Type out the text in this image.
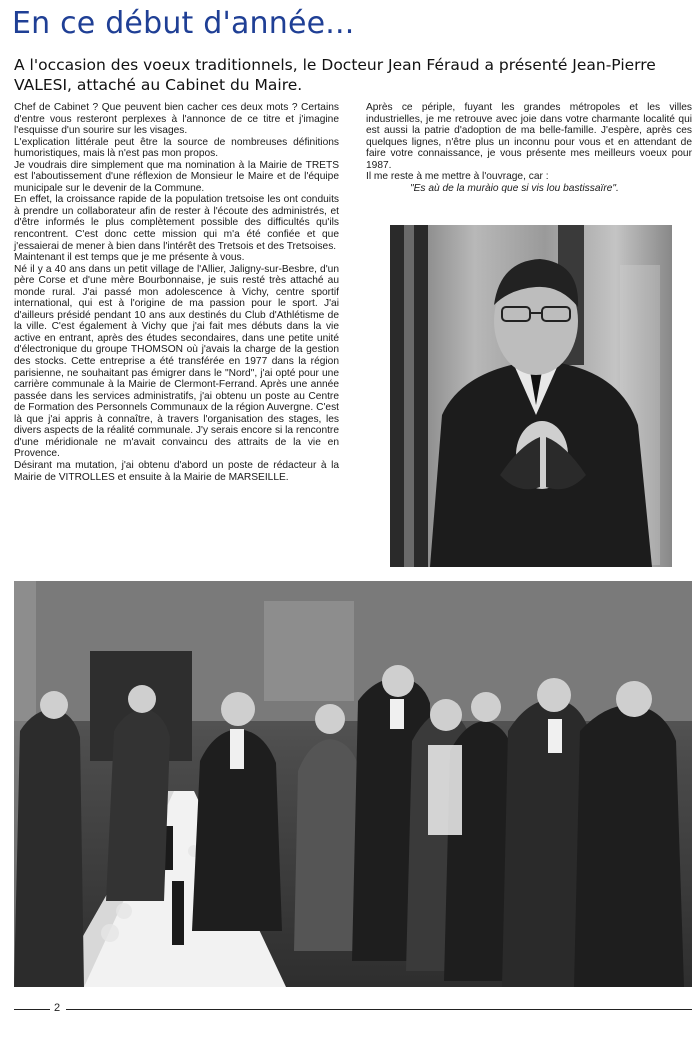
En ce début d'année...
A l'occasion des voeux traditionnels, le Docteur Jean Féraud a présenté Jean-Pierre VALESI, attaché au Cabinet du Maire.

Chef de Cabinet ? Que peuvent bien cacher ces deux mots ? Certains d'entre vous resteront perplexes à l'annonce de ce titre et j'imagine l'esquisse d'un sourire sur les visages.

L'explication littérale peut être la source de nombreuses définitions humoristiques, mais là n'est pas mon propos.

Je voudrais dire simplement que ma nomination à la Mairie de TRETS est l'aboutissement d'une réflexion de Monsieur le Maire et de l'équipe municipale sur le devenir de la Commune.

En effet, la croissance rapide de la population tretsoise les ont conduits à prendre un collaborateur afin de rester à l'écoute des administrés, et d'être informés le plus complètement possible des difficultés qu'ils rencontrent. C'est donc cette mission qui m'a été confiée et que j'essaierai de mener à bien dans l'intérêt des Tretsois et des Tretsoises.

Maintenant il est temps que je me présente à vous.

Né il y a 40 ans dans un petit village de l'Allier, Jaligny-sur-Besbre, d'un père Corse et d'une mère Bourbonnaise, je suis resté très attaché au monde rural. J'ai passé mon adolescence à Vichy, centre sportif international, qui est à l'origine de ma passion pour le sport. J'ai d'ailleurs présidé pendant 10 ans aux destinés du Club d'Athlétisme de la ville. C'est également à Vichy que j'ai fait mes débuts dans la vie active en entrant, après des études secondaires, dans une petite unité d'électronique du groupe THOMSON où j'avais la charge de la gestion des stocks. Cette entreprise a été transférée en 1977 dans la région parisienne, ne souhaitant pas émigrer dans le "Nord", j'ai opté pour une carrière communale à la Mairie de Clermont-Ferrand. Après une année passée dans les services administratifs, j'ai obtenu un poste au Centre de Formation des Personnels Communaux de la région Auvergne. C'est là que j'ai appris à connaître, à travers l'organisation des stages, les divers aspects de la réalité communale. J'y serais encore si la rencontre d'une méridionale ne m'avait convaincu des attraits de la vie en Provence.

Désirant ma mutation, j'ai obtenu d'abord un poste de rédacteur à la Mairie de VITROLLES et ensuite à la Mairie de MARSEILLE.

Après ce périple, fuyant les grandes métropoles et les villes industrielles, je me retrouve avec joie dans votre charmante localité qui est aussi la patrie d'adoption de ma belle-famille. J'espère, après ces quelques lignes, n'être plus un inconnu pour vous et en attendant de faire votre connaissance, je vous présente mes meilleurs voeux pour 1987.

Il me reste à me mettre à l'ouvrage, car :

"Es aù de la muràio que si vis lou bastissaïre".

2
